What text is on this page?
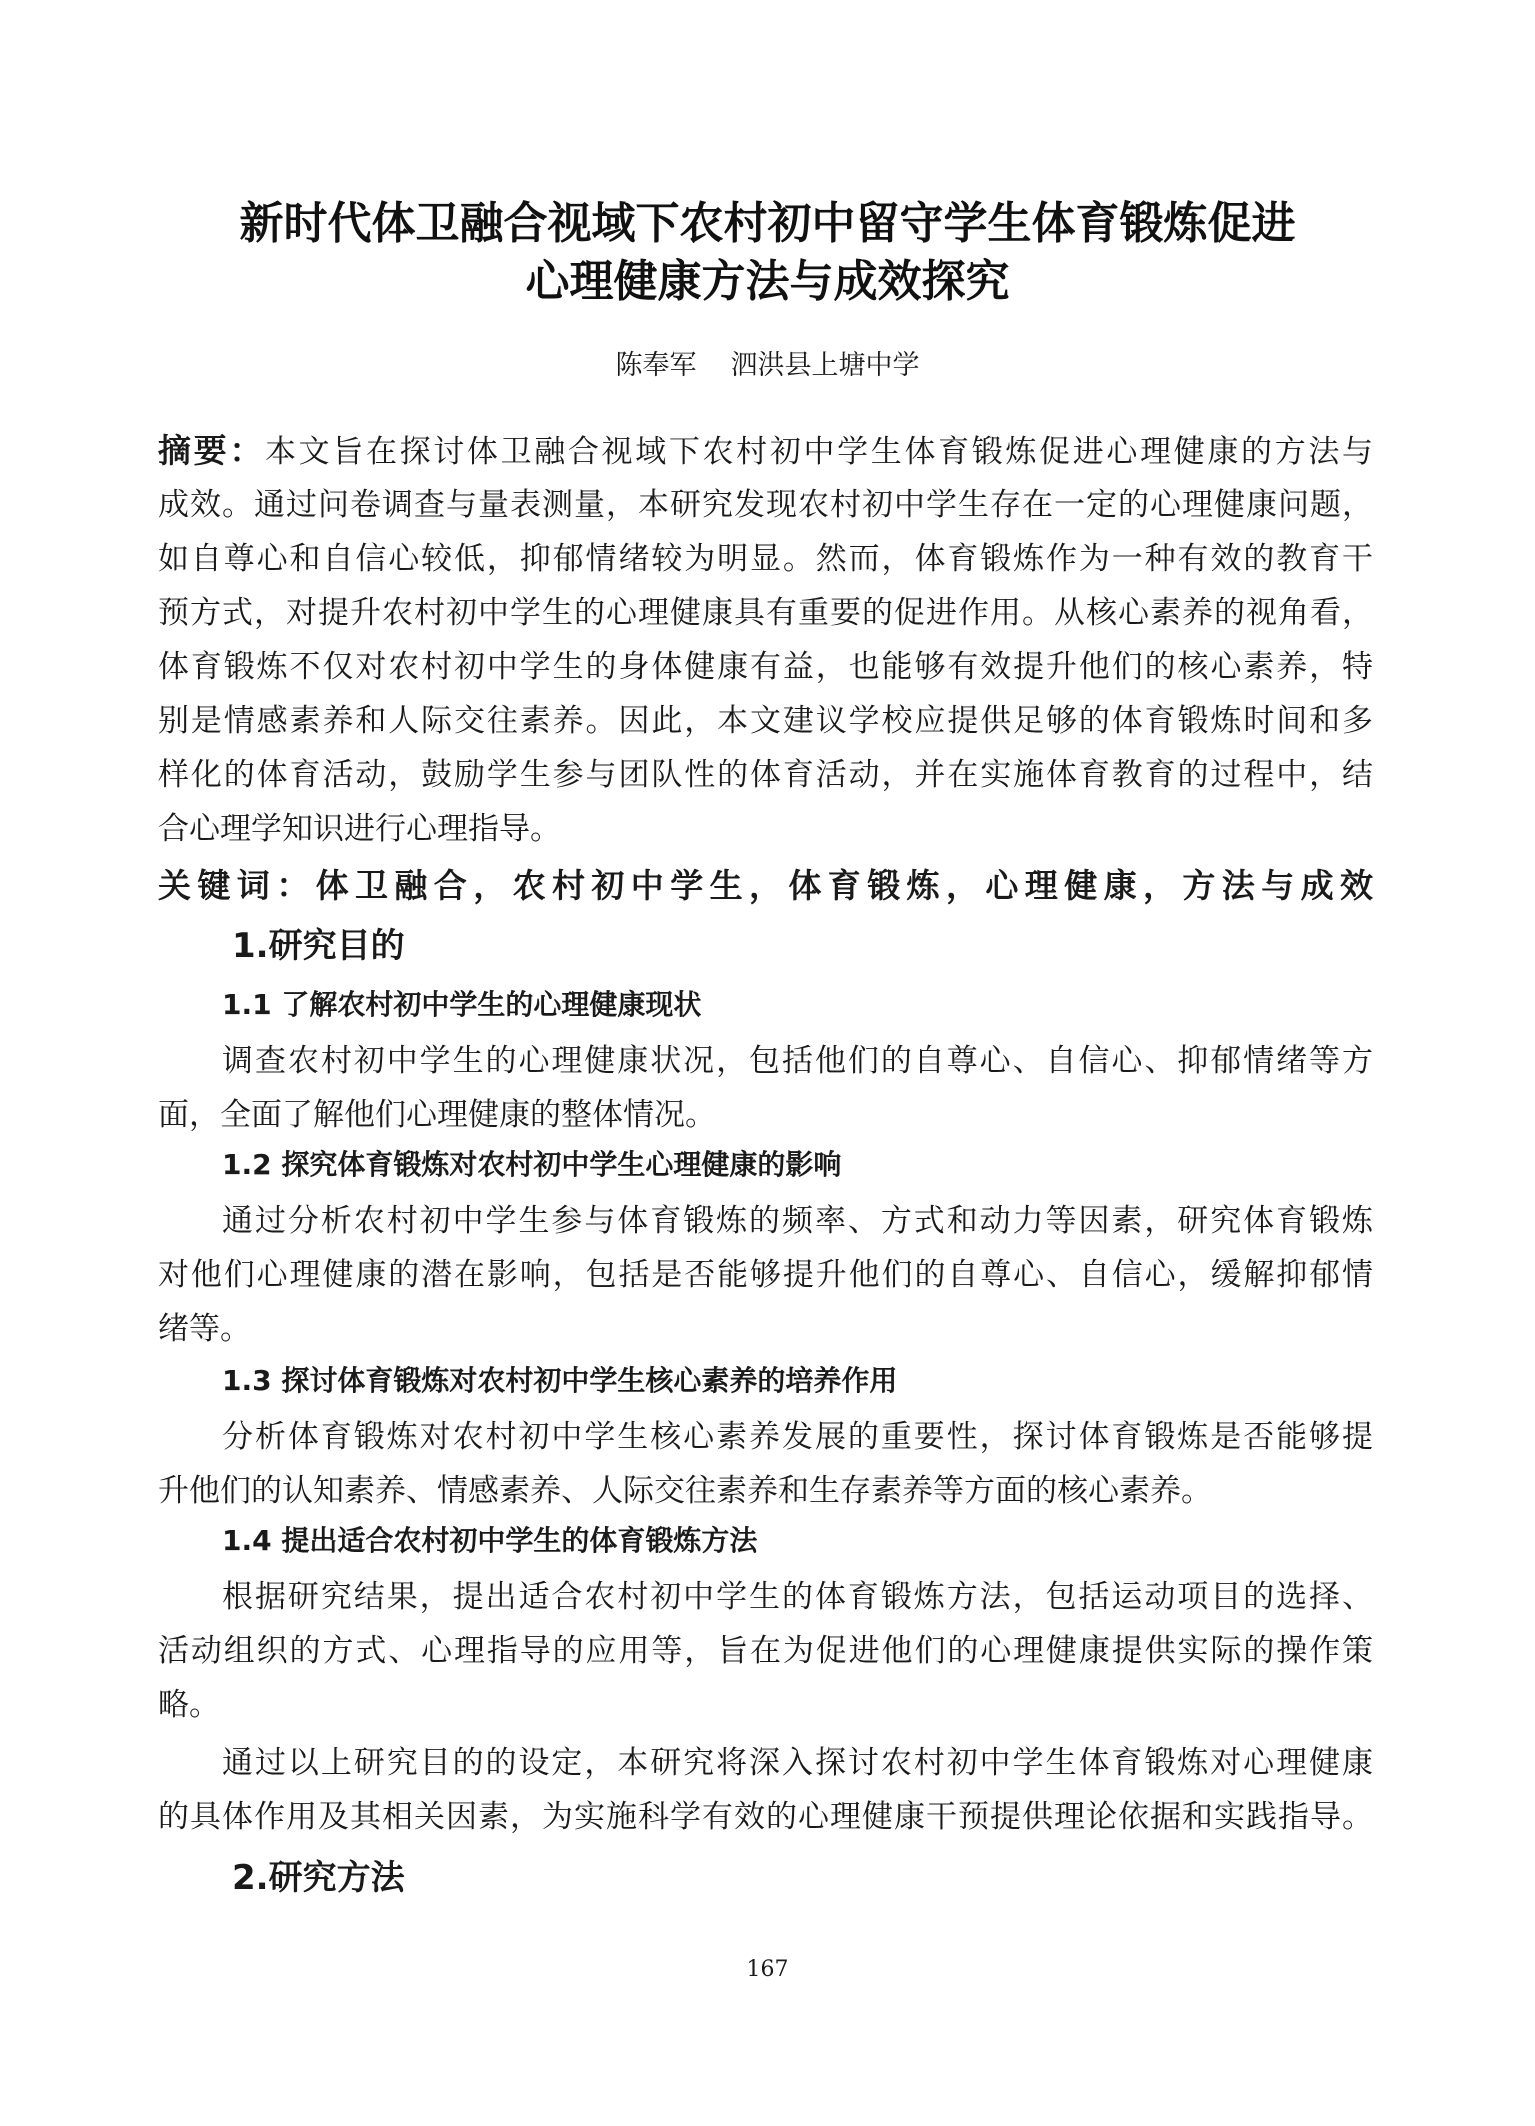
新时代体卫融合视域下农村初中留守学生体育锻炼促进
心理健康方法与成效探究
陈奉军 泗洪县上塘中学
摘要：本文旨在探讨体卫融合视域下农村初中学生体育锻炼促进心理健康的方法与
成效。通过问卷调查与量表测量，本研究发现农村初中学生存在一定的心理健康问题，
如自尊心和自信心较低，抑郁情绪较为明显。然而，体育锻炼作为一种有效的教育干
预方式，对提升农村初中学生的心理健康具有重要的促进作用。从核心素养的视角看，
体育锻炼不仅对农村初中学生的身体健康有益，也能够有效提升他们的核心素养，特
别是情感素养和人际交往素养。因此，本文建议学校应提供足够的体育锻炼时间和多
样化的体育活动，鼓励学生参与团队性的体育活动，并在实施体育教育的过程中，结
合心理学知识进行心理指导。
关键词：体卫融合，农村初中学生，体育锻炼，心理健康，方法与成效
1.研究目的
1.1 了解农村初中学生的心理健康现状
调查农村初中学生的心理健康状况，包括他们的自尊心、自信心、抑郁情绪等方
面，全面了解他们心理健康的整体情况。
1.2 探究体育锻炼对农村初中学生心理健康的影响
通过分析农村初中学生参与体育锻炼的频率、方式和动力等因素，研究体育锻炼
对他们心理健康的潜在影响，包括是否能够提升他们的自尊心、自信心，缓解抑郁情
绪等。
1.3 探讨体育锻炼对农村初中学生核心素养的培养作用
分析体育锻炼对农村初中学生核心素养发展的重要性，探讨体育锻炼是否能够提
升他们的认知素养、情感素养、人际交往素养和生存素养等方面的核心素养。
1.4 提出适合农村初中学生的体育锻炼方法
根据研究结果，提出适合农村初中学生的体育锻炼方法，包括运动项目的选择、
活动组织的方式、心理指导的应用等，旨在为促进他们的心理健康提供实际的操作策
略。
通过以上研究目的的设定，本研究将深入探讨农村初中学生体育锻炼对心理健康
的具体作用及其相关因素，为实施科学有效的心理健康干预提供理论依据和实践指导。
2.研究方法
167
